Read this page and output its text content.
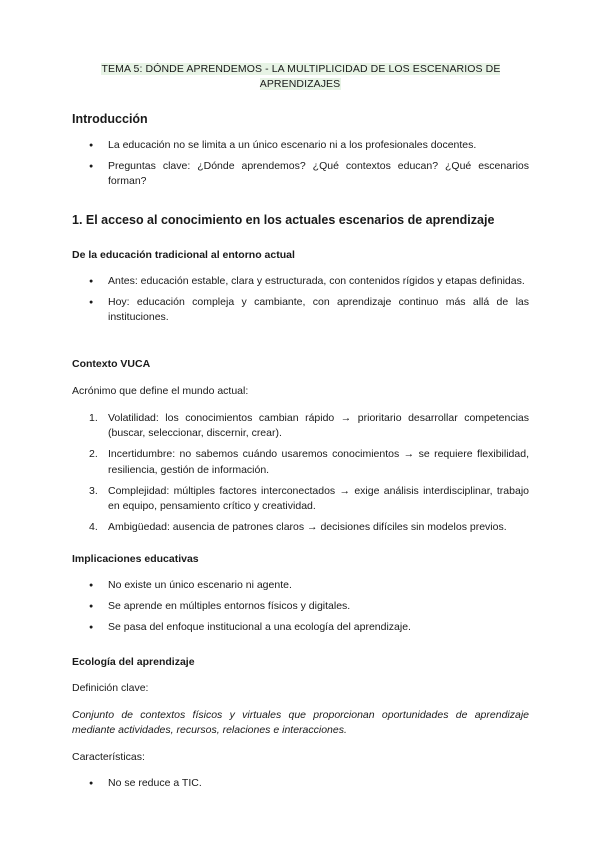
TEMA 5: DÓNDE APRENDEMOS - LA MULTIPLICIDAD DE LOS ESCENARIOS DE APRENDIZAJES
Introducción
● La educación no se limita a un único escenario ni a los profesionales docentes.
● Preguntas clave: ¿Dónde aprendemos? ¿Qué contextos educan? ¿Qué escenarios forman?
1. El acceso al conocimiento en los actuales escenarios de aprendizaje
De la educación tradicional al entorno actual
● Antes: educación estable, clara y estructurada, con contenidos rígidos y etapas definidas.
● Hoy: educación compleja y cambiante, con aprendizaje continuo más allá de las instituciones.
Contexto VUCA

Acrónimo que define el mundo actual:

1. Volatilidad: los conocimientos cambian rápido → prioritario desarrollar competencias (buscar, seleccionar, discernir, crear).
2. Incertidumbre: no sabemos cuándo usaremos conocimientos → se requiere flexibilidad, resiliencia, gestión de información.
3. Complejidad: múltiples factores interconectados → exige análisis interdisciplinar, trabajo en equipo, pensamiento crítico y creatividad.
4. Ambigüedad: ausencia de patrones claros → decisiones difíciles sin modelos previos.
Implicaciones educativas
● No existe un único escenario ni agente.
● Se aprende en múltiples entornos físicos y digitales.
● Se pasa del enfoque institucional a una ecología del aprendizaje.
Ecología del aprendizaje

Definición clave:

Conjunto de contextos físicos y virtuales que proporcionan oportunidades de aprendizaje mediante actividades, recursos, relaciones e interacciones.

Características:

● No se reduce a TIC.
